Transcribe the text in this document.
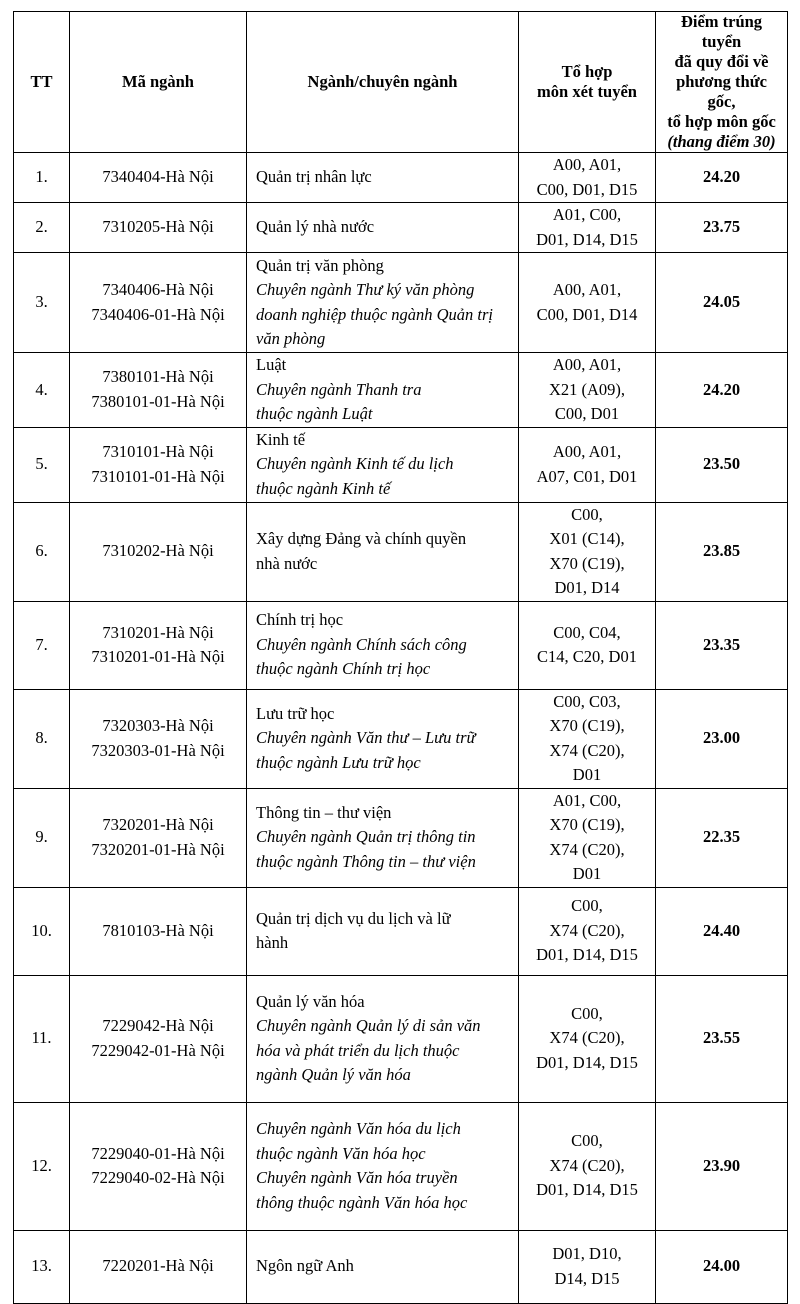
TT	Mã ngành	Ngành/chuyên ngành	Tổ hợp
môn xét tuyển	Điểm trúng tuyển
đã quy đổi về
phương thức gốc,
tổ hợp môn gốc
(thang điểm 30)

1.	7340404-Hà Nội	Quản trị nhân lực	A00, A01,
C00, D01, D15	24.20
2.	7310205-Hà Nội	Quản lý nhà nước	A01, C00,
D01, D14, D15	23.75
3.	7340406-Hà Nội
7340406-01-Hà Nội	Quản trị văn phòng
Chuyên ngành Thư ký văn phòng
doanh nghiệp thuộc ngành Quản trị
văn phòng	A00, A01,
C00, D01, D14	24.05
4.	7380101-Hà Nội
7380101-01-Hà Nội	Luật
Chuyên ngành Thanh tra
thuộc ngành Luật	A00, A01,
X21 (A09),
C00, D01	24.20
5.	7310101-Hà Nội
7310101-01-Hà Nội	Kinh tế
Chuyên ngành Kinh tế du lịch
thuộc ngành Kinh tế	A00, A01,
A07, C01, D01	23.50
6.	7310202-Hà Nội	Xây dựng Đảng và chính quyền
nhà nước	C00,
X01 (C14),
X70 (C19),
D01, D14	23.85
7.	7310201-Hà Nội
7310201-01-Hà Nội	Chính trị học
Chuyên ngành Chính sách công
thuộc ngành Chính trị học	C00, C04,
C14, C20, D01	23.35
8.	7320303-Hà Nội
7320303-01-Hà Nội	Lưu trữ học
Chuyên ngành Văn thư – Lưu trữ
thuộc ngành Lưu trữ học	C00, C03,
X70 (C19),
X74 (C20),
D01	23.00
9.	7320201-Hà Nội
7320201-01-Hà Nội	Thông tin – thư viện
Chuyên ngành Quản trị thông tin
thuộc ngành Thông tin – thư viện	A01, C00,
X70 (C19),
X74 (C20),
D01	22.35
10.	7810103-Hà Nội	Quản trị dịch vụ du lịch và lữ
hành	C00,
X74 (C20),
D01, D14, D15	24.40
11.	7229042-Hà Nội
7229042-01-Hà Nội	Quản lý văn hóa
Chuyên ngành Quản lý di sản văn
hóa và phát triển du lịch thuộc
ngành Quản lý văn hóa	C00,
X74 (C20),
D01, D14, D15	23.55
12.	7229040-01-Hà Nội
7229040-02-Hà Nội	Chuyên ngành Văn hóa du lịch
thuộc ngành Văn hóa học
Chuyên ngành Văn hóa truyền
thông thuộc ngành Văn hóa học	C00,
X74 (C20),
D01, D14, D15	23.90
13.	7220201-Hà Nội	Ngôn ngữ Anh	D01, D10,
D14, D15	24.00
